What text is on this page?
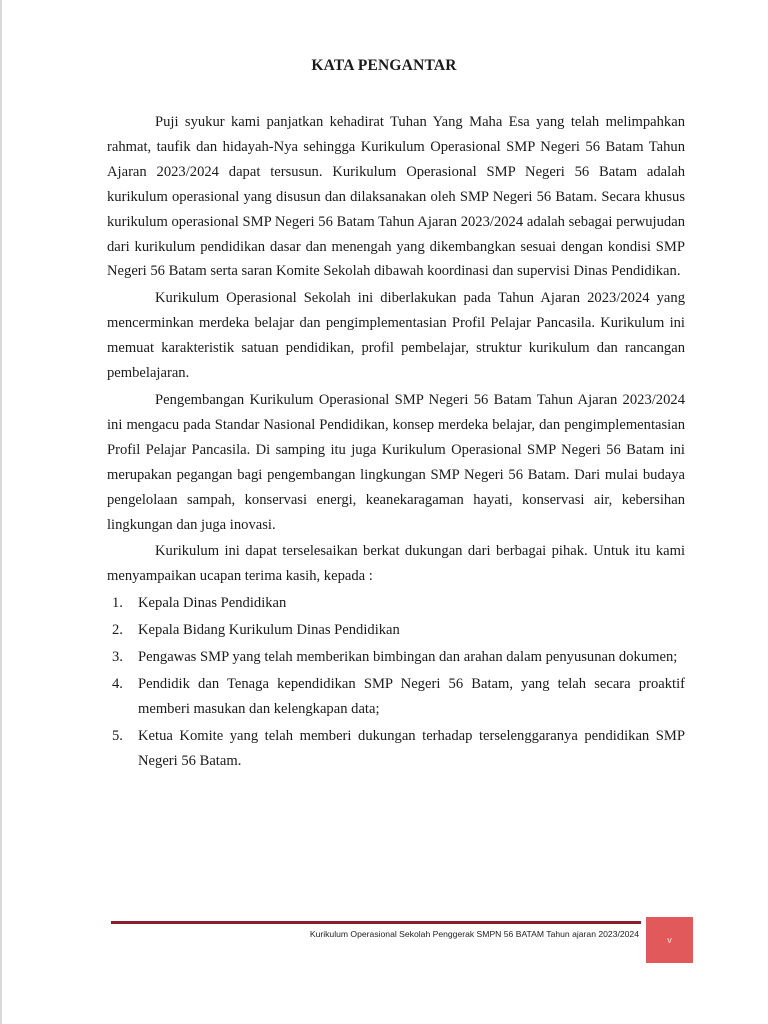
KATA PENGANTAR

Puji syukur kami panjatkan kehadirat Tuhan Yang Maha Esa yang telah melimpahkan rahmat, taufik dan hidayah-Nya sehingga Kurikulum Operasional SMP Negeri 56 Batam Tahun Ajaran 2023/2024 dapat tersusun. Kurikulum Operasional SMP Negeri 56 Batam adalah kurikulum operasional yang disusun dan dilaksanakan oleh SMP Negeri 56 Batam. Secara khusus kurikulum operasional SMP Negeri 56 Batam Tahun Ajaran 2023/2024 adalah sebagai perwujudan dari kurikulum pendidikan dasar dan menengah yang dikembangkan sesuai dengan kondisi SMP Negeri 56 Batam serta saran Komite Sekolah dibawah koordinasi dan supervisi Dinas Pendidikan.

Kurikulum Operasional Sekolah ini diberlakukan pada Tahun Ajaran 2023/2024 yang mencerminkan merdeka belajar dan pengimplementasian Profil Pelajar Pancasila. Kurikulum ini memuat karakteristik satuan pendidikan, profil pembelajar, struktur kurikulum dan rancangan pembelajaran.

Pengembangan Kurikulum Operasional SMP Negeri 56 Batam Tahun Ajaran 2023/2024 ini mengacu pada Standar Nasional Pendidikan, konsep merdeka belajar, dan pengimplementasian Profil Pelajar Pancasila. Di samping itu juga Kurikulum Operasional SMP Negeri 56 Batam ini merupakan pegangan bagi pengembangan lingkungan SMP Negeri 56 Batam. Dari mulai budaya pengelolaan sampah, konservasi energi, keanekaragaman hayati, konservasi air, kebersihan lingkungan dan juga inovasi.

Kurikulum ini dapat terselesaikan berkat dukungan dari berbagai pihak. Untuk itu kami menyampaikan ucapan terima kasih, kepada :

1. Kepala Dinas Pendidikan
2. Kepala Bidang Kurikulum Dinas Pendidikan
3. Pengawas SMP yang telah memberikan bimbingan dan arahan dalam penyusunan dokumen;
4. Pendidik dan Tenaga kependidikan SMP Negeri 56 Batam, yang telah secara proaktif memberi masukan dan kelengkapan data;
5. Ketua Komite yang telah memberi dukungan terhadap terselenggaranya pendidikan SMP Negeri 56 Batam.
Kurikulum Operasional Sekolah Penggerak SMPN 56 BATAM Tahun ajaran 2023/2024
v
